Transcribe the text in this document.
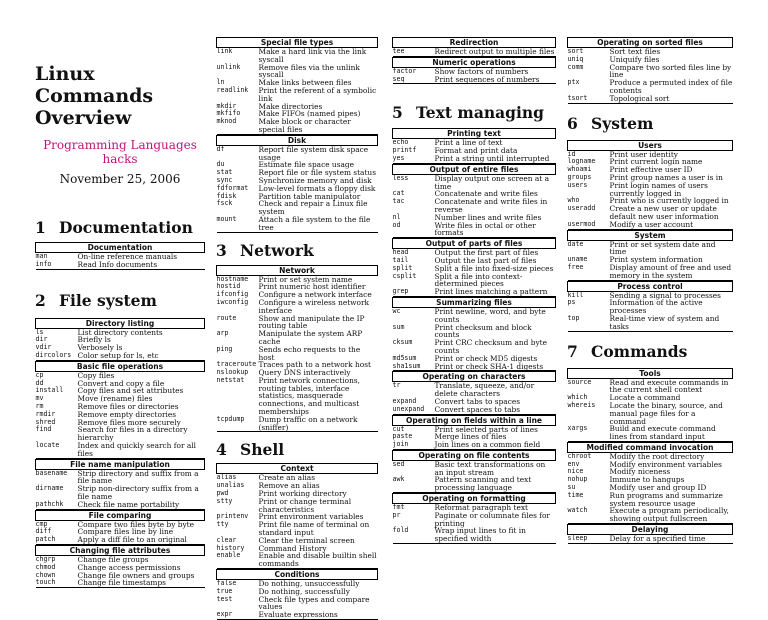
Linux Commands Overview
Programming Languages hacks
November 25, 2006
1 Documentation
Documentation	
man	On-line reference manuals
info	Read Info documents
2 File system
Directory listing	
ls	List directory contents
dir	Briefly ls
vdir	Verbosely ls
dircolors	Color setup for ls, etc
Basic file operations	
cp	Copy files
dd	Convert and copy a file
install	Copy files and set attributes
mv	Move (rename) files
rm	Remove files or directories
rmdir	Remove empty directories
shred	Remove files more securely
find	Search for files in a directory hierarchy
locate	Index and quickly search for all files
File name manipulation	
basename	Strip directory and suffix from a file name
dirname	Strip non-directory suffix from a file name
pathchk	Check file name portability
File comparing	
cmp	Compare two files byte by byte
diff	Compare files line by line
patch	Apply a diff file to an original
Changing file attributes	
chgrp	Change file groups
chmod	Change access permissions
chown	Change file owners and groups
touch	Change file timestamps
Special file types	
link	Make a hard link via the link syscall
unlink	Remove files via the unlink syscall
ln	Make links between files
readlink	Print the referent of a symbolic link
mkdir	Make directories
mkfifo	Make FIFOs (named pipes)
mknod	Make block or character special files
Disk	
df	Report file system disk space usage
du	Estimate file space usage
stat	Report file or file system status
sync	Synchronize memory and disk
fdformat	Low-level formats a floppy disk
fdisk	Partition table manipulator
fsck	Check and repair a Linux file system
mount	Attach a file system to the file tree
3 Network
Network	
hostname	Print or set system name
hostid	Print numeric host identifier
ifconfig	Configure a network interface
iwconfig	Configure a wireless network interface
route	Show and manipulate the IP routing table
arp	Manipulate the system ARP cache
ping	Sends echo requests to the host
traceroute	Traces path to a network host
nslookup	Query DNS interactively
netstat	Print network connections, routing tables, interface statistics, masquerade connections, and multicast memberships
tcpdump	Dump traffic on a network (sniffer)
4 Shell
Context	
alias	Create an alias
unalias	Remove an alias
pwd	Print working directory
stty	Print or change terminal characteristics
printenv	Print environment variables
tty	Print file name of terminal on standard input
clear	Clear the terminal screen
history	Command History
enable	Enable and disable builtin shell commands
Conditions	
false	Do nothing, unsuccessfully
true	Do nothing, successfully
test	Check file types and compare values
expr	Evaluate expressions
Redirection
tee	Redirect output to multiple files
Numeric operations	
factor	Show factors of numbers
seq	Print sequences of numbers
5 Text managing
Printing text	
echo	Print a line of text
printf	Format and print data
yes	Print a string until interrupted
Output of entire files	
less	Display output one screen at a time
cat	Concatenate and write files
tac	Concatenate and write files in reverse
nl	Number lines and write files
od	Write files in octal or other formats
Output of parts of files	
head	Output the first part of files
tail	Output the last part of files
split	Split a file into fixed-size pieces
csplit	Split a file into context-determined pieces
grep	Print lines matching a pattern
Summarizing files	
wc	Print newline, word, and byte counts
sum	Print checksum and block counts
cksum	Print CRC checksum and byte counts
md5sum	Print or check MD5 digests
sha1sum	Print or check SHA-1 digests
Operating on characters	
tr	Translate, squeeze, and/or delete characters
expand	Convert tabs to spaces
unexpand	Convert spaces to tabs
Operating on fields within a line	
cut	Print selected parts of lines
paste	Merge lines of files
join	Join lines on a common field
Operating on file contents	
sed	Basic text transformations on an input stream
awk	Pattern scanning and text processing language
Operating on formatting	
fmt	Reformat paragraph text
pr	Paginate or columnate files for printing
fold	Wrap input lines to fit in specified width
Operating on sorted files	
sort	Sort text files
uniq	Uniquify files
comm	Compare two sorted files line by line
ptx	Produce a permuted index of file contents
tsort	Topological sort
6 System
Users	
id	Print user identity
logname	Print current login name
whoami	Print effective user ID
groups	Print group names a user is in
users	Print login names of users currently logged in
who	Print who is currently logged in
useradd	Create a new user or update default new user information
usermod	Modify a user account
System	
date	Print or set system date and time
uname	Print system information
free	Display amount of free and used memory in the system
Process control	
kill	Sending a signal to processes
ps	Information of the active processes
top	Real-time view of system and tasks
7 Commands
Tools	
source	Read and execute commands in the current shell context
which	Locate a command
whereis	Locate the binary, source, and manual page files for a command
xargs	Build and execute command lines from standard input
Modified command invocation	
chroot	Modify the root directory
env	Modify environment variables
nice	Modify niceness
nohup	Immune to hangups
su	Modify user and group ID
time	Run programs and summarize system resource usage
watch	Execute a program periodically, showing output fullscreen
Delaying
sleep	Delay for a specified time
